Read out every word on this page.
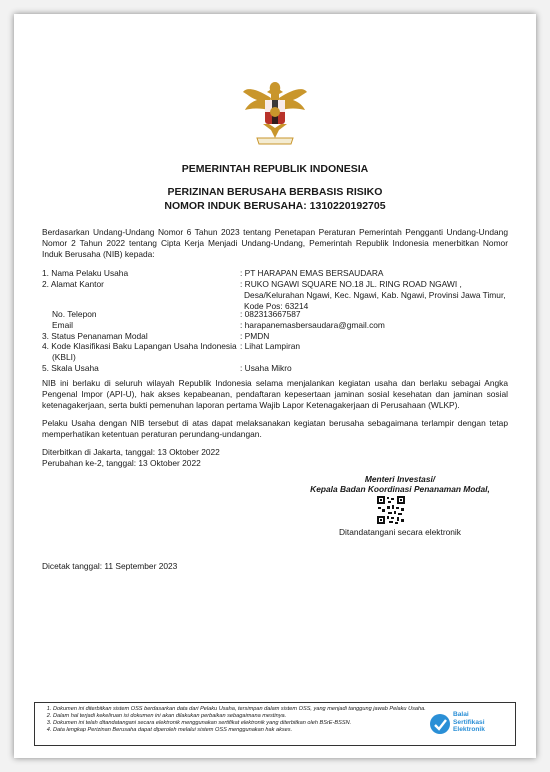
PEMERINTAH REPUBLIK INDONESIA
PERIZINAN BERUSAHA BERBASIS RISIKO
NOMOR INDUK BERUSAHA: 1310220192705
Berdasarkan Undang-Undang Nomor 6 Tahun 2023 tentang Penetapan Peraturan Pemerintah Pengganti Undang-Undang Nomor 2 Tahun 2022 tentang Cipta Kerja Menjadi Undang-Undang, Pemerintah Republik Indonesia menerbitkan Nomor Induk Berusaha (NIB) kepada:
1. Nama Pelaku Usaha	: PT HARAPAN EMAS BERSAUDARA
2. Alamat Kantor	: RUKO NGAWI SQUARE NO.18 JL. RING ROAD NGAWI ,
Desa/Kelurahan Ngawi, Kec. Ngawi, Kab. Ngawi, Provinsi Jawa Timur,
Kode Pos: 63214
No. Telepon	: 082313667587
Email	: harapanemasbersaudara@gmail.com
3. Status Penanaman Modal	: PMDN
4. Kode Klasifikasi Baku Lapangan Usaha Indonesia : Lihat Lampiran
(KBLI)
5. Skala Usaha	: Usaha Mikro
NIB ini berlaku di seluruh wilayah Republik Indonesia selama menjalankan kegiatan usaha dan berlaku sebagai Angka Pengenal Impor (API-U), hak akses kepabeanan, pendaftaran kepesertaan jaminan sosial kesehatan dan jaminan sosial ketenagakerjaan, serta bukti pemenuhan laporan pertama Wajib Lapor Ketenagakerjaan di Perusahaan (WLKP).
Pelaku Usaha dengan NIB tersebut di atas dapat melaksanakan kegiatan berusaha sebagaimana terlampir dengan tetap memperhatikan ketentuan peraturan perundang-undangan.
Diterbitkan di Jakarta, tanggal: 13 Oktober 2022
Perubahan ke-2, tanggal: 13 Oktober 2022
Menteri Investasi/
Kepala Badan Koordinasi Penanaman Modal,
Ditandatangani secara elektronik
Dicetak tanggal: 11 September 2023
1. Dokumen ini diterbitkan sistem OSS berdasarkan data dari Pelaku Usaha, tersimpan dalam sistem OSS, yang menjadi tanggung jawab Pelaku Usaha.
2. Dalam hal terjadi kekeliruan isi dokumen ini akan dilakukan perbaikan sebagaimana mestinya.
3. Dokumen ini telah ditandatangani secara elektronik menggunakan sertifikat elektronik yang diterbitkan oleh BSrE-BSSN.
4. Data lengkap Perizinan Berusaha dapat diperoleh melalui sistem OSS menggunakan hak akses.
Balai
Sertifikasi
Elektronik
